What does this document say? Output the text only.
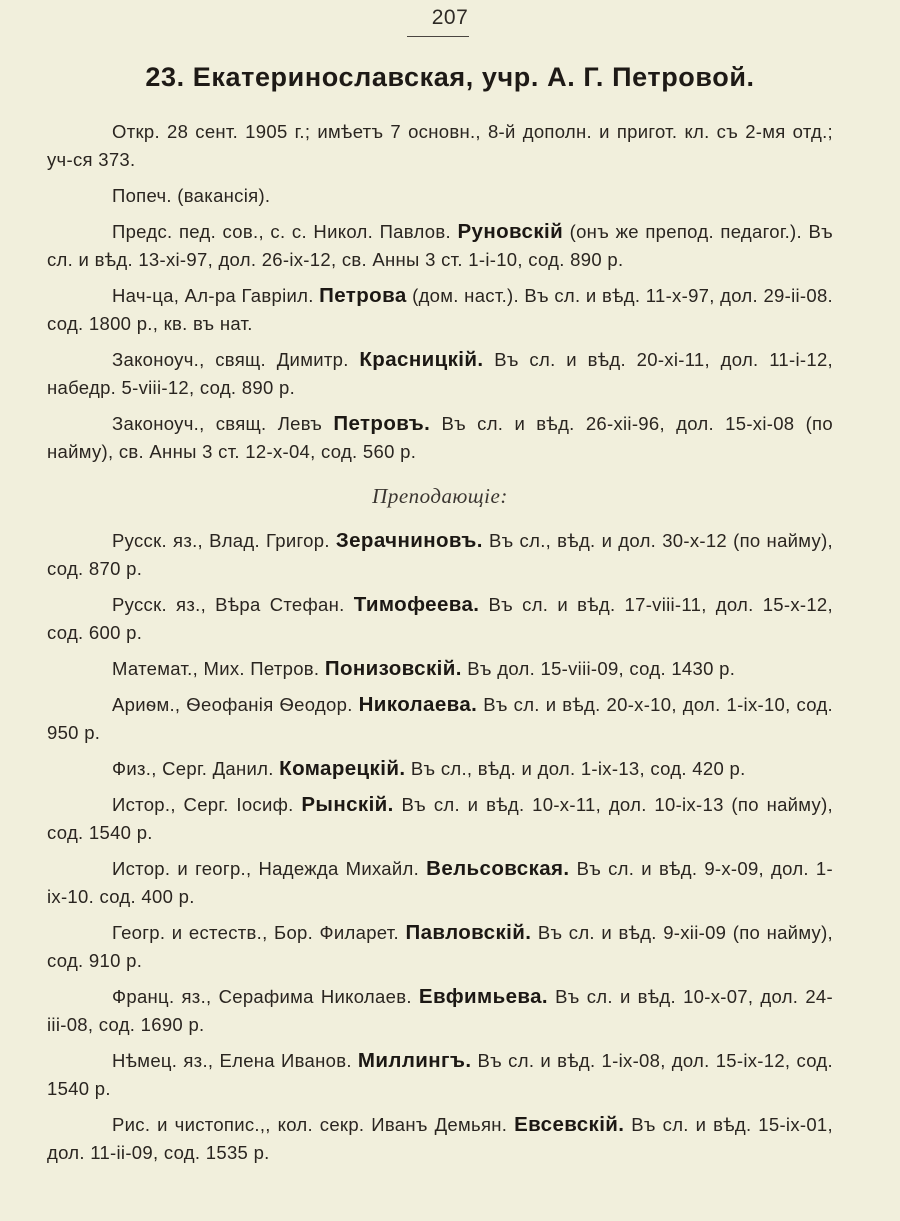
207
23. Екатеринославская, учр. А. Г. Петровой.

Откр. 28 сент. 1905 г.; имѣетъ 7 основн., 8-й дополн. и пригот. кл. съ 2-мя отд.; уч-ся 373.

Попеч. (вакансія).

Предс. пед. сов., с. с. Никол. Павлов. Руновскій (онъ же препод. педагог.). Въ сл. и вѣд. 13-xi-97, дол. 26-ix-12, св. Анны 3 ст. 1-i-10, сод. 890 р.

Нач-ца, Ал-ра Гавріил. Петрова (дом. наст.). Въ сл. и вѣд. 11-x-97, дол. 29-ii-08. сод. 1800 р., кв. въ нат.

Законоуч., свящ. Димитр. Красницкій. Въ сл. и вѣд. 20-xi-11, дол. 11-i-12, набедр. 5-viii-12, сод. 890 р.

Законоуч., свящ. Левъ Петровъ. Въ сл. и вѣд. 26-xii-96, дол. 15-xi-08 (по найму), св. Анны 3 ст. 12-x-04, сод. 560 р.

Преподающіе:

Русск. яз., Влад. Григор. Зерачниновъ. Въ сл., вѣд. и дол. 30-x-12 (по найму), сод. 870 р.

Русск. яз., Вѣра Стефан. Тимофеева. Въ сл. и вѣд. 17-viii-11, дол. 15-x-12, сод. 600 р.

Математ., Мих. Петров. Понизовскій. Въ дол. 15-viii-09, сод. 1430 р.

Ариѳм., Ѳеофанія Ѳеодор. Николаева. Въ сл. и вѣд. 20-x-10, дол. 1-ix-10, сод. 950 р.

Физ., Серг. Данил. Комарецкій. Въ сл., вѣд. и дол. 1-ix-13, сод. 420 р.

Истор., Серг. Іосиф. Рынскій. Въ сл. и вѣд. 10-x-11, дол. 10-ix-13 (по найму), сод. 1540 р.

Истор. и геогр., Надежда Михайл. Вельсовская. Въ сл. и вѣд. 9-x-09, дол. 1-ix-10. сод. 400 р.

Геогр. и естеств., Бор. Филарет. Павловскій. Въ сл. и вѣд. 9-xii-09 (по найму), сод. 910 р.

Франц. яз., Серафима Николаев. Евфимьева. Въ сл. и вѣд. 10-x-07, дол. 24-iii-08, сод. 1690 р.

Нѣмец. яз., Елена Иванов. Миллингъ. Въ сл. и вѣд. 1-ix-08, дол. 15-ix-12, сод. 1540 р.

Рис. и чистопис.,, кол. секр. Иванъ Демьян. Евсевскій. Въ сл. и вѣд. 15-ix-01, дол. 11-ii-09, сод. 1535 р.
